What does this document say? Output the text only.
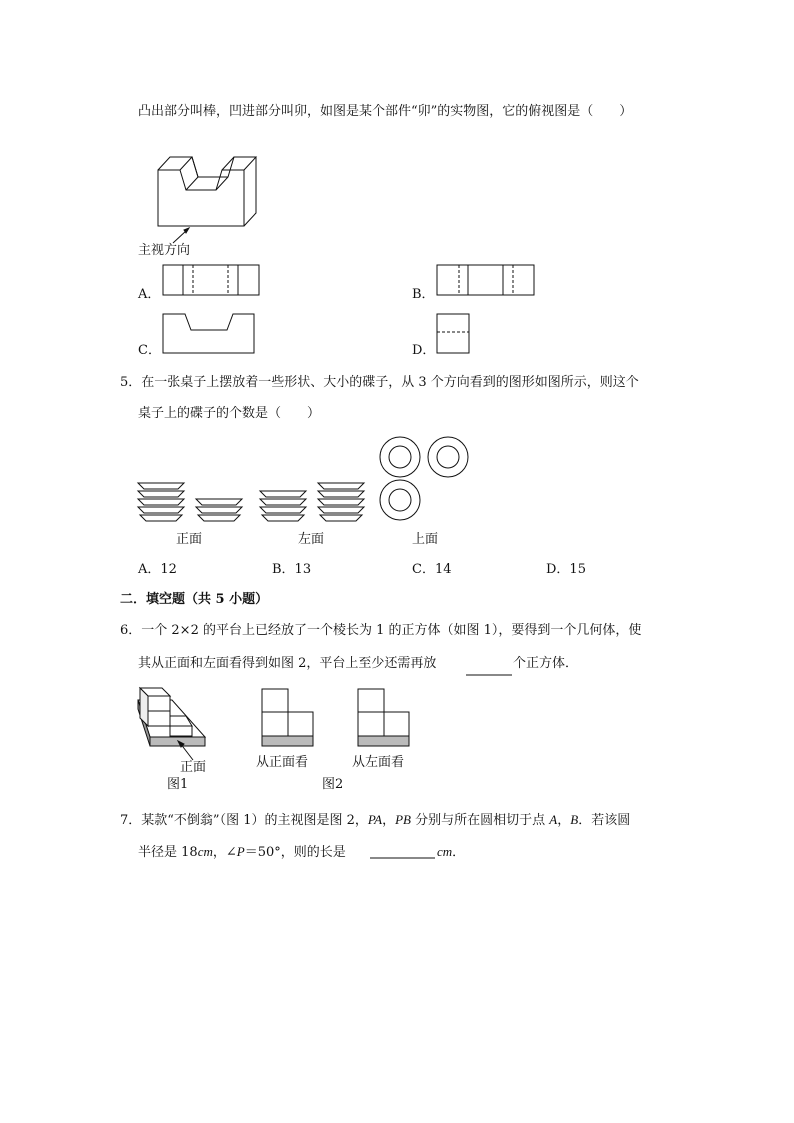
凸出部分叫棒，凹进部分叫卯，如图是某个部件“卯”的实物图，它的俯视图是（　　）
主视方向
A．	B．
C．	D．
5．在一张桌子上摆放着一些形状、大小的碟子，从 3 个方向看到的图形如图所示，则这个
桌子上的碟子的个数是（　　）
正面	左面	上面
A．12	B．13	C．14	D．15
二．填空题（共 5 小题）
6．一个 2×2 的平台上已经放了一个棱长为 1 的正方体（如图 1），要得到一个几何体，使
其从正面和左面看得到如图 2，平台上至少还需再放	个正方体．
正面
图1
从正面看	从左面看
图2
7．某款“不倒翁”（图 1）的主视图是图 2，PA，PB 分别与所在圆相切于点 A，B．若该圆
半径是 18cm，∠P＝50°，则的长是	cm．
